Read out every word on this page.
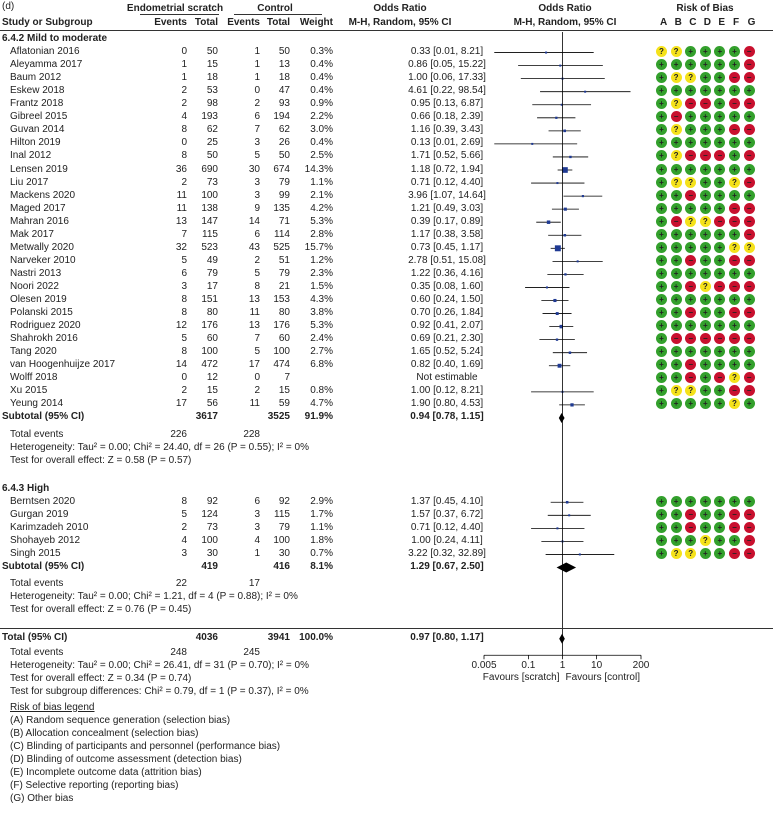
(d)	Endometrial scratch	Control	Odds Ratio	Odds Ratio	Risk of Bias
Study or Subgroup	Events Total Events Total Weight	M-H, Random, 95% CI	M-H, Random, 95% CI	A B C D E F G
6.4.2 Mild to moderate
Aflatonian 2016	0 50	1 50 0.3%	0.33 [0.01, 8.21]	?	?	+	+	+	+	−
Aleyamma 2017	1 15	1 13 0.4%	0.86 [0.05, 15.22]	+	+	+	+	+	+	−
Baum 2012	1 18	1 18 0.4%	1.00 [0.06, 17.33]	+	?	?	+	+	−	−
Eskew 2018	2 53	0 47 0.4%	4.61 [0.22, 98.54]	+	+	+	+	+	+	+
Frantz 2018	2 98	2 93 0.9%	0.95 [0.13, 6.87]	+	?	−	−	+	−	−
Gibreel 2015	4 193	6 194 2.2%	0.66 [0.18, 2.39]	+	−	+	+	+	+	+
Guvan 2014	8 62	7 62 3.0%	1.16 [0.39, 3.43]	+	?	+	+	+	−	−
Hilton 2019	0 25	3 26 0.4%	0.13 [0.01, 2.69]	+	+	+	+	+	+	+
Inal 2012	8 50	5 50 2.5%	1.71 [0.52, 5.66]	+	?	−	−	−	+	−
Lensen 2019	36 690	30 674 14.3%	1.18 [0.72, 1.94]	+	+	+	+	+	+	+
Liu 2017	2 73	3 79 1.1%	0.71 [0.12, 4.40]	+	?	?	+	+	?	−
Mackens 2020	11 100	3 99 2.1%	3.96 [1.07, 14.64]	+	+	−	+	+	+	+
Maged 2017	11 138	9 135 4.2%	1.21 [0.49, 3.03]	+	+	+	+	+	−	−
Mahran 2016	13 147	14 71 5.3%	0.39 [0.17, 0.89]	+	−	?	?	−	−	−
Mak 2017	7 115	6 114 2.8%	1.17 [0.38, 3.58]	+	+	+	+	+	+	−
Metwally 2020	32 523	43 525 15.7%	0.73 [0.45, 1.17]	+	+	+	+	+	?	?
Narveker 2010	5 49	2 51 1.2%	2.78 [0.51, 15.08]	+	+	−	+	+	−	−
Nastri 2013	6 79	5 79 2.3%	1.22 [0.36, 4.16]	+	+	+	+	+	+	+
Noori 2022	3 17	8 21 1.5%	0.35 [0.08, 1.60]	+	+	−	?	−	−	−
Olesen 2019	8 151	13 153 4.3%	0.60 [0.24, 1.50]	+	+	+	+	+	+	+
Polanski 2015	8 80	11 80 3.8%	0.70 [0.26, 1.84]	+	+	−	+	+	−	−
Rodriguez 2020	12 176	13 176 5.3%	0.92 [0.41, 2.07]	+	+	+	+	+	+	+
Shahrokh 2016	5 60	7 60 2.4%	0.69 [0.21, 2.30]	+	−	−	−	−	−	−
Tang 2020	8 100	5 100 2.7%	1.65 [0.52, 5.24]	+	+	+	+	+	+	+
van Hoogenhuijze 2017	14 472	17 474 6.8%	0.82 [0.40, 1.69]	+	+	−	+	+	+	+
Wolff 2018	0 12	0 7	Not estimable	+	+	−	+	−	?	−
Xu 2015	2 15	2 15 0.8%	1.00 [0.12, 8.21]	+	?	?	+	+	−	−
Yeung 2014	17 56	11 59 4.7%	1.90 [0.80, 4.53]	+	+	+	+	+	?	+
Subtotal (95% CI)	3617	3525 91.9%	0.94 [0.78, 1.15]
Total events	226	228
Heterogeneity: Tau² = 0.00; Chi² = 24.40, df = 26 (P = 0.55); I² = 0%
Test for overall effect: Z = 0.58 (P = 0.57)
6.4.3 High
Berntsen 2020	8 92	6 92 2.9%	1.37 [0.45, 4.10]	+	+	+	+	+	+	+
Gurgan 2019	5 124	3 115 1.7%	1.57 [0.37, 6.72]	+	+	−	+	+	−	−
Karimzadeh 2010	2 73	3 79 1.1%	0.71 [0.12, 4.40]	+	+	−	+	+	−	−
Shohayeb 2012	4 100	4 100 1.8%	1.00 [0.24, 4.11]	+	+	+	?	+	+	−
Singh 2015	3 30	1 30 0.7%	3.22 [0.32, 32.89]	+	?	?	+	+	−	−
Subtotal (95% CI)	419	416 8.1%	1.29 [0.67, 2.50]
Total events	22	17
Heterogeneity: Tau² = 0.00; Chi² = 1.21, df = 4 (P = 0.88); I² = 0%
Test for overall effect: Z = 0.76 (P = 0.45)
Total (95% CI)	4036	3941 100.0%	0.97 [0.80, 1.17]
Total events	248	245
Heterogeneity: Tau² = 0.00; Chi² = 26.41, df = 31 (P = 0.70); I² = 0%
Test for overall effect: Z = 0.34 (P = 0.74)
Test for subgroup differences: Chi² = 0.79, df = 1 (P = 0.37), I² = 0%
0.005	0.1	1	10	200
Favours [scratch] Favours [control]
Risk of bias legend
(A) Random sequence generation (selection bias)
(B) Allocation concealment (selection bias)
(C) Blinding of participants and personnel (performance bias)
(D) Blinding of outcome assessment (detection bias)
(E) Incomplete outcome data (attrition bias)
(F) Selective reporting (reporting bias)
(G) Other bias
